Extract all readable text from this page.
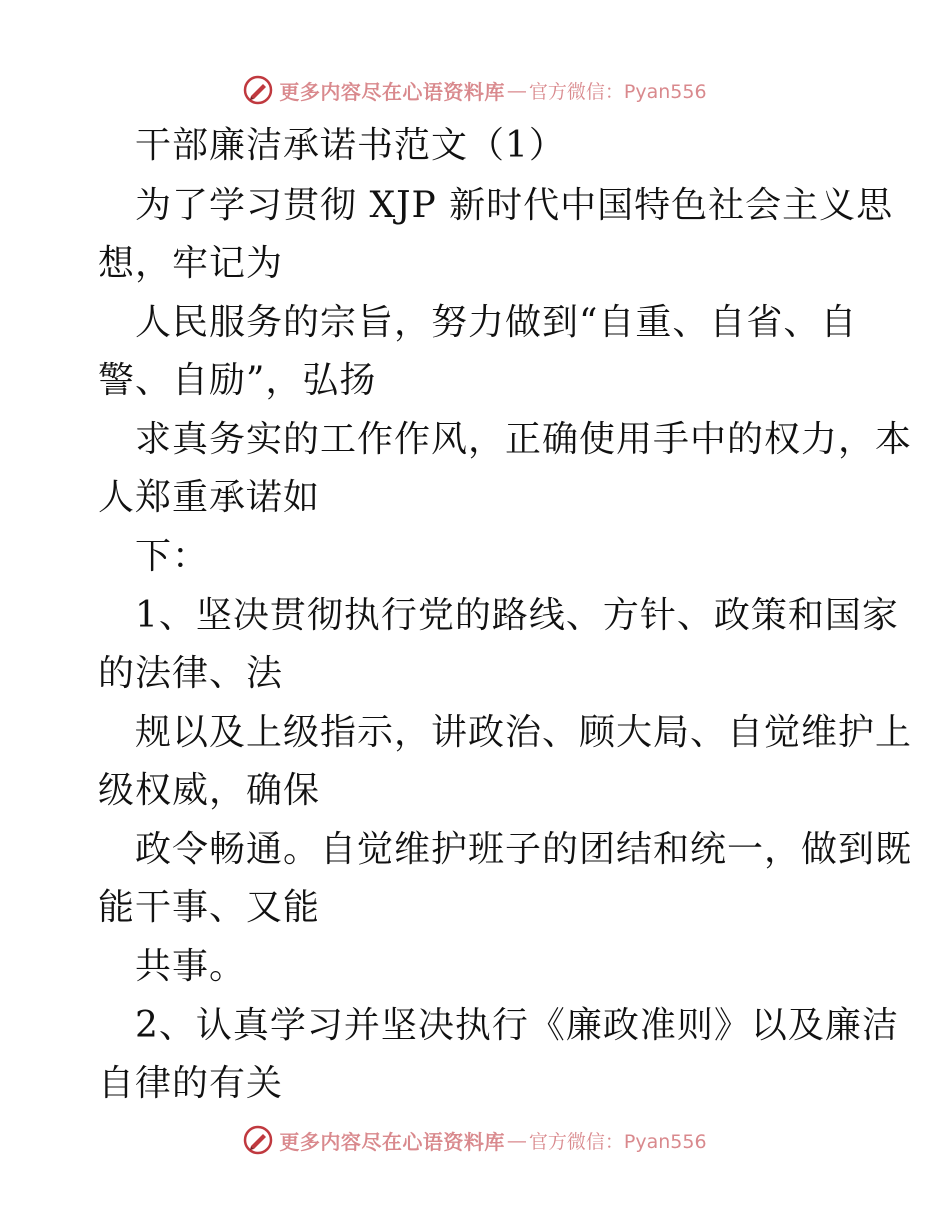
更多内容尽在心语资料库 — 官方微信：Pyan556
干部廉洁承诺书范文（1）
为了学习贯彻 XJP 新时代中国特色社会主义思
想，牢记为
人民服务的宗旨，努力做到“自重、自省、自
警、自励”，弘扬
求真务实的工作作风，正确使用手中的权力，本
人郑重承诺如
下：
1、坚决贯彻执行党的路线、方针、政策和国家
的法律、法
规以及上级指示，讲政治、顾大局、自觉维护上
级权威，确保
政令畅通。自觉维护班子的团结和统一，做到既
能干事、又能
共事。
2、认真学习并坚决执行《廉政准则》以及廉洁
自律的有关
更多内容尽在心语资料库 — 官方微信：Pyan556
